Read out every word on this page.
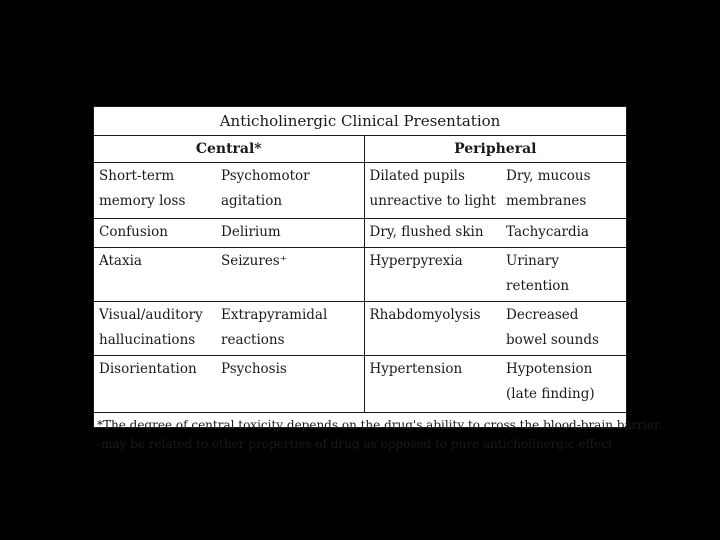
Anticholinergic Clinical Presentation			
Central*		Peripheral	
Short-term memory loss	Psychomotor agitation	Dilated pupils unreactive to light	Dry, mucous membranes
Confusion	Delirium	Dry, flushed skin	Tachycardia
Ataxia	Seizures⁺	Hyperpyrexia	Urinary retention
Visual/auditory hallucinations	Extrapyramidal reactions	Rhabdomyolysis	Decreased bowel sounds
Disorientation	Psychosis	Hypertension	Hypotension (late finding)

*The degree of central toxicity depends on the drug's ability to cross the blood-brain barrier.
-may be related to other properties of drug as opposed to pure anticholinergic effect			
